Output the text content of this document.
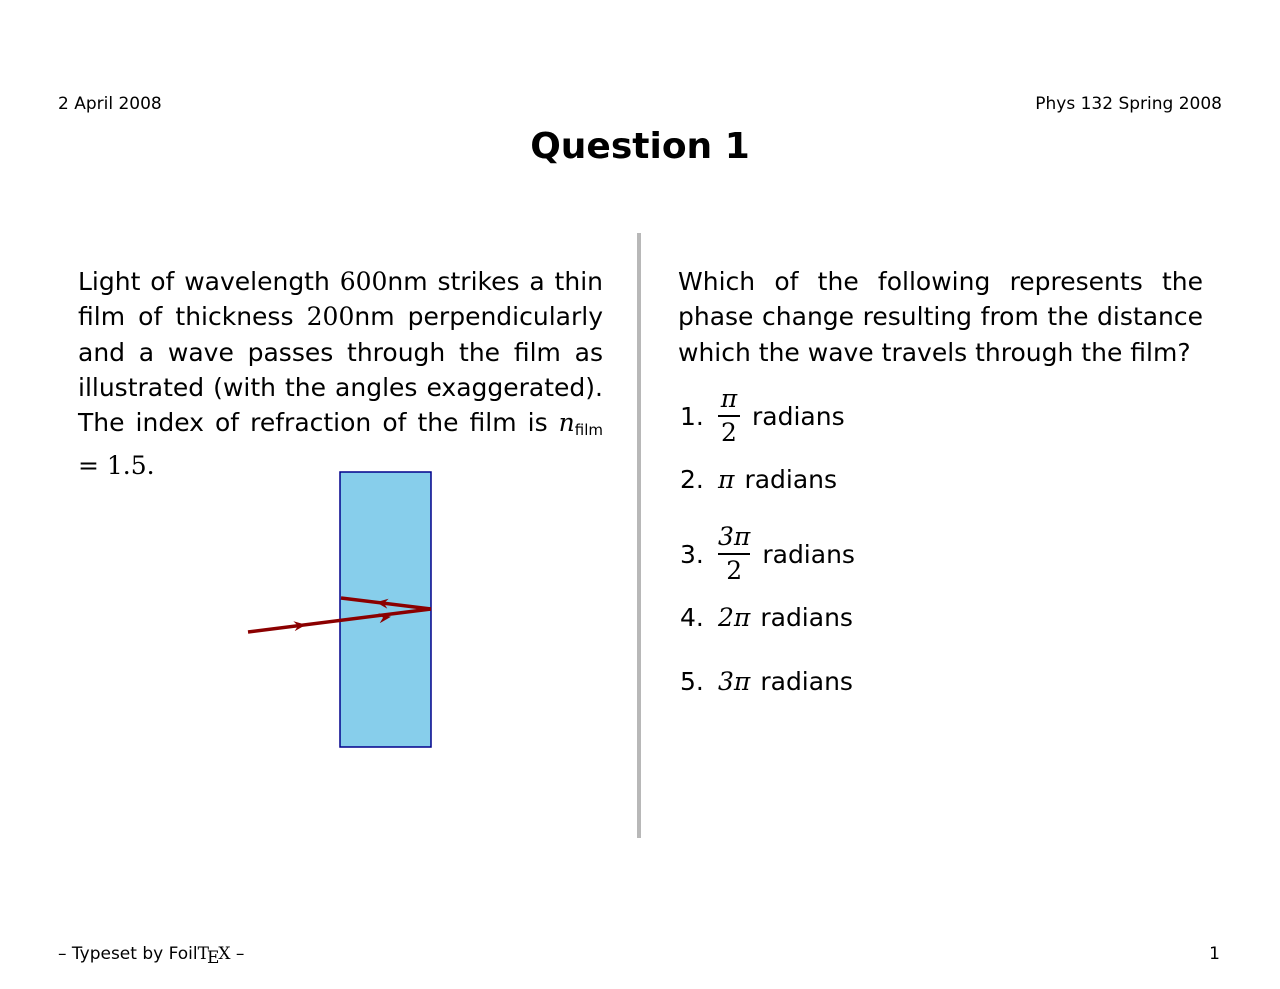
2 April 2008	Phys 132 Spring 2008
Question 1
Light of wavelength 600nm strikes a thin film of thickness 200nm perpendicularly and a wave passes through the film as illustrated (with the angles exaggerated). The index of refraction of the film is $n_{film} = 1.5$.
Which of the following represents the phase change resulting from the distance which the wave travels through the film?
1. $\frac{\pi}{2}$ radians
2. π radians
3. $\frac{3\pi}{2}$ radians
4. 2π radians
5. 3π radians
– Typeset by FoilTEX –	1
